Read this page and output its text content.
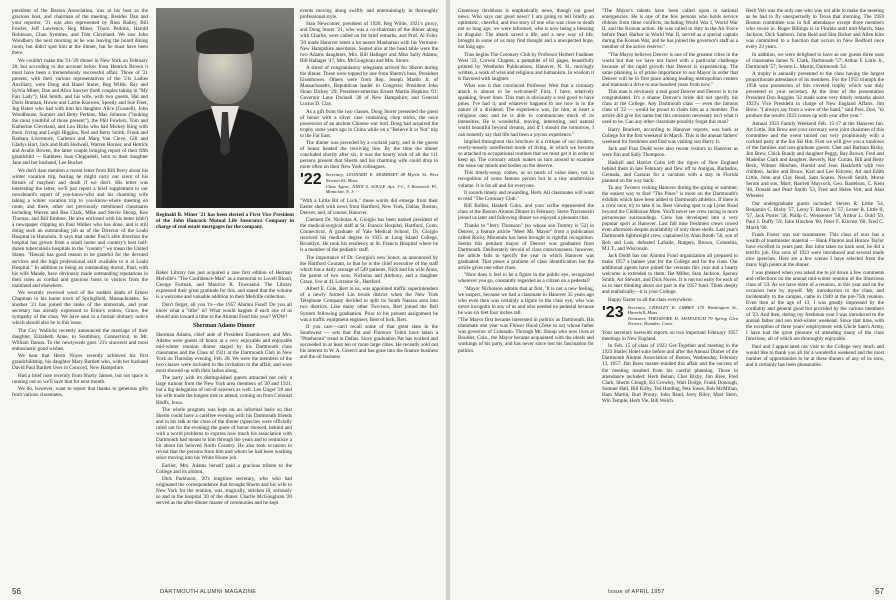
president of the Boston Association, was at his best as the gracious host, and chairman of the meeting. Besides Dan and your reporter, '21 was also represented by Russ Bailey, Bill Fowler, Jeff Lawrence, Reg Miner, Thorn Perkins, Harold Robinson, Chan Symmes, and Tom Cleveland. We saw John Woodbury the next morning as he was leaving the board dining room, but didn't spot him at the dinner, but he must have been there.

We couldn't make the '21-'20 dinner in New York on February 28, but according to the account below from Henrick Brown it must have been a tremendously successful affair. Those of '21 present, with their various representatives of the '21s Ladies Auxiliary, were Doug and Hazel Storer, Reg Wilde, Ray and Sylvia Miner, Dan and Alice Sawyer (both couples taking in "My Fair Lady"), Hal Smith, and his wife, with two guests, Hal and Doris Braman, Howie and Lartie Knowen, Speedy and Sue Fleet, Jug Baker who had with him his daughter Alice (Gosnell), John Woodhouse, Sumner and Betty Perkins, Mac Johnson ("looking the most youthful of those present"), the Phil Fowlers, Tom and Katherine Cleveland, and Lou Hicks who had Mickey King with them. Irving and Leigh Higgins, Ned and Betty Smith, Frank and Barbara Livermore, Carleton and Marg Van Cleve, Gill and Gladys Hart, Jack and Ruth Hudwell, Warren Horner, and Hetrick and Avalin Bowen, the latter couple bringing report of their fifth grandchild — Kathleen Joan Chippedell, born to their daughter Jane and her husband, Lee Bucher.

We don't dare mention a recent letter from Bill Perry about his winter vacation trip, fearing he might carry our scent of his threats of mayhem and death if we don't. His letter was interesting the letter, we'll just report a brief supplement to our newsboard's report of you-know-who and his charming wife taking a winter vacation trip to you-know-where meeting en route, and there, other not previously mentioned classmates including Warren and Bea Clark, Mike and Stevie Shoup, Ken Thomas, and Bill Embree. He also enclosed with his letter (shh!) a newspaper clipping on Paul Walker who has done, and is still doing such an outstanding job as of the Director of the Leahi Hospital in Honolulu. It says that under Paul's able direction the hospital has grown from a small home and country's best half-dozen tuberculosis hospitals in the "country" we mean the United States. "Hawaii has good reason to be grateful for the devoted services and the high professional skill available to it at Leahi Hospital." In addition to being an outstanding doctor, Paul, with his wife Maude, have obviously made outstanding reputations in their roles as cordial and gracious hosts to visitors from the mainland and elsewhere.

We recently received word of the sudden death of Ernest Chapman in his home town of Springfield, Massachusetts. So another '21 has joined the ranks of the immortals, and your secretary has already expressed to Ernie's widow, Grace, the sympathy of the class. We have sent in a formal obituary notice which should also be in this issue.

The Coy Wallicks recently announced the marriage of their daughter, Elizabeth Anne, in Southbury, Connecticut, to Mr. William Danon. To the newlyweds goes '21's sincerest and most enthusiastic good wishes.

We hear that Herm Noyes recently achieved his first grandchildship, his daughter Mary Bartlett who, with her husband David Paul Bartlett lives in Concord, New Hampshire.

Had a brief note recently from Shorty Jansen, but out space is running out so we'll save that for next month.

We do, however, want to report that thanks to generous gifts from various classmates,

Reginald B. Miner '21 has been elected a First Vice President of the John Hancock Mutual Life Insurance Company in charge of real estate mortgages for the company.

Baker Library has just acquired a rare first edition of Herman Melville's "The Confidence-Man" as a memorial to Lovell Blood, George Forman, and Maurice R. Townsend. The Library expressed their great gratitude for this, and stated that the volume is a welcome and valuable addition to their Melville collection.

Don't forget, all you 't's—the 1957 Alumni Fund! Do you all know what a "tithe" is? What would happen if each one of us should aim toward a tithe to the Alumni Fund this year? WOW!

Sherman Adams Dinner

Sherman Adams, chief aide of President Eisenhower, and Mrs. Adams were guests of honor at a very enjoyable and enjoyable mid-winter reunion dinner staged by his Dartmouth class classmates and the Class of 1921 at the Dartmouth Club in New York on Thursday evening, Feb. 28. We were the members of the two classes were included in the invitation to the affair, and soon most showed up with their ladies along.

The party with its distinguished guests attracted not only a large turnout from the New York area members of '20 and 1921, but a big delegation of out-of-towners as well. Leo Unger '20 and his wife made the longest trek to attend, coming on from Colonial Bluffs, Iowa.

The whole program was kept on an informal basis so that Sherm could have a carefree evening with his Dartmouth friends and in his talk at the close of the dinner (speeches were officially ruled out for the evening) the guest of honor showed, behind and with a world problems to express how much his association with Dartmouth had meant to him through the years and to reminisce a bit about his beloved North Country. He also took occasion to reveal that the persons from him and whom he had been working since moving into his White House job.

Earlier, Mrs. Adams herself paid a gracious tribute to the College and its alumni.

Dick Parkhurst, '20's longtime secretary, who who had originated the correspondence that brought Sherm and his wife to New York for the reunion, was, tragically, stricken ill, seriously so and in the hospital '20 of the dinner. Charlie McGoughran '20 served as the after-dinner master of ceremonies and he kept

events moving along swiftly and entertainingly in thoroughly professional style.

Stan Newcomer, president of 1920, Reg Wilde, 1921's proxy, and Doug Storer '21, who was a co-chairman of the dinner along with Charlie, were called on for brief remarks, and Prof. Al Foley '20 made Hanover seem a lot nearer Manhattan with his Vermont-New Hampshire anecdotes. Seated also at the head table were the two Adams daughters, Mrs. Bill Hallager and Miss Sally Adams, Bill Hallager '47, Mrs. McGoughran and Mrs. Storer.

A shred of congratulatory telegrams arrived for Sherm during the dinner. These were topped by one from Sherm's boss, President Eisenhower. Others were from Rep. Joseph Martin Jr. of Massachusetts, Republican leader in Congress; President John Sloan Dickey '29; President-emeritus Ernest Martin Hopkins '01; Governor Lane Dwinell '28 of New Hampshire; and General Lucius D. Clay.

As a gift from the two classes, Doug Storer presented the guest of honor with a silver case containing chop sticks, the once possession of an ancient Chinese war lord. Doug had acquired the trophy some years ago in China while on a "Believe It or Not" trip to the Far East.

The dinner was preceded by a cocktail party, and in the guests of honor headed the receiving line. By the time the dinner concluded shortly after six, it was the hearty wish of all the 111 persons present that Sherm and his charming wife could drop in more often on their New York colleagues.

'22 Secretary, LEONARD E. MORRISEY 48 Myrtle St. West Newton 65, Mass.
Class Agent, JOHN S. SOULE Apt. 3-C, 5 Roosevelt Pl., Montclair, N. J.

"With a Little Bit of Luck," those words did emerge from their Easter shell with news from Hartford, New York, Dallas, Boston, Denver, and, of course, Hanover.

Clement Dr. Nicholas A. Giorgio has been named president of the medical-surgical staff at St. Francis Hospital, Hartford, Conn. Connecticut. A graduate of Yale Medical School, Dr. Giorgio received his medical degree in 1925 at Long Island College, Brooklyn. He took his residency at St. Francis Hospital where he is a member of the pediatric staff.

The importance of Dr. Georgio's new honor, as announced by the Hartford Courant, in that he is the chief executive of the staff which has a daily average of 549 patients. Nick and his wife Anna, the parent of two sons, Nicholas and Anthony, and a daughter Grace, live at 41 Lorraine St., Hartford.

Albert E. Cole, Bert to us, was appointed traffic superintendent of a newly formed Lin brook district when the New York Telephone Company decided to split its South Nassau area into two districts. Like many other Two-tors, Bert joined the Bell System following graduation. Prior to his present assignment he was a traffic equipment engineer, Best of luck, Bert.

If you care—can't recall some of that great state in the Southwest — sets that Pat and Florence Tobin have taken a "Pinehursta" trend in Dallas. Since graduation Pat has worked and succeeded in at least ten or more large cities. He recently sold out his interest in W. A. Green's and has gone into the finance business and the oil business

56	DARTMOUTH ALUMNI MAGAZINE

Greenway throbhoss is emphatically news, though not good news. Who says our good news? I am going to tell briefly an optimistic, cheerful, and true story of one who was close to death not so long ago, we were informed, who is now being a blessing in disguise. The attack saved a life, and a new way of life, brought in some of us may find thought and a unexpected hope, not long ago.

Thus begins The Coronary Club by Professor Herbert Faulkner West '22, Corwin Chapter, a pamphlet of 63 pages, beautifully printed by Westholm Publications, Hanover, N. H., movingly written, a work of wise and religious and humanism. In wisdom it is flavored with laughter.

What was it that convinced Professor West that a coronary attack is almost to be welcomed? First, I have, relatively speaking, fewer lines. This man is obviously a real good to have pines. I've had it, and whatever happens to me now is in the nature of a dividend. The experience was, for him, at heart a religious one; and he is able to communicate much of its intensities. He is wonderful, moving, interesting, and natural world beautiful beyond dreams, and if I should the tomorrow, I can honestly say that life had been a joyous experience."

Implied throughout this brochure is a critique of our modern, overly-tensely unreflected mode of living, in which we become so attached to occupational routines that we must get it in order to keep up. The coronary attack makes us turn around to examine the issue our minds and bodies on the deserve.

This timely-essay comes, as so much of value does, not in recognition of some famous person but in a tiny unobtrusive volume. It is for all and for everyone.

It sounds timely and rewarding, Herb. All classmates will want to read "The Coronary Club."

Bill Bullen, Haskell Cohn, and your scribe represented the class at the Boston Alumni Dinner in February. Steve Trzcienecki joined us later and following dinner we enjoyed a pleasant chat.

Thanks to "Jerry Thomson" (so whose son Tommy is '52) in Denver, a feature article "Meet Mr. Mayor" from a publication called Rocky Mountain has been brought to rightful recognition. Seems this petulant mayor of Denver was graduated from Dartmouth. Deliberately devoid of class consciousness, however, the article fails to specify the year in which Hanover was graduated. That poses a problem of class identification but the article gives one other clues.

"How does it feel to be a figure in the public eye, recognized wherever you go, constantly regarded as a citizen on a pedestal?

"Mayor Nicholson admits that at first, 'It is not a new feeling, we suspect, because we had a classmate in Hanover 35 years ago who even then was certainly a figure in the class eye, who was never incognito to any of us and who needed no pedestal because he was six feet four inches tall.

"The Mayor first became interested in politics as Dartmouth. His classmate one year was Flower Hood (Zeke to us) whose father was governor of Colorado. Through Mr. Shoup who now lives at Boulder, Colo., the Mayor became acquainted with the ideals and workings of his party, and has never since lost his fascination for politics.

"The Mayor's talents have been called upon in national emergencies. He is one of the few persons who holds service ribbons from three conflicts, including World War I, World War II, and the Korean action. He was called to duty in the Air Force before Pearl Harbor in World War II, served as a special captain during the Korean War, and he has joined the governor's staff as a member of the active reserve."

"The Mayor believes Denver is one of the greatest cities in the world but that we have not faced with a particular challenge because of the rapid growth that Denver is experiencing. The same planning is of prime importance to our Mayor in order that Denver will be in first place among leading metropolitan centers and maintain a drive to one hundred years from now."

This man is obviously a real good Denver and Denver is to be congratulated. It's a shame Denver's bride did not specify his class at the College. Any Dartmouth class — even the famous class of '22 — would be proud to claim him as a member. The article did give his name but this omission necessary isn't what it used to be. Can any other classmate possibly forget this man?

Harry Brackett, according to Hanover reports, was back at College for the first weekend in March. This is the annual fathers' weekend for freshmen and Dad was visiting son Harry Jr.

Jack and Fran Dodd were also recent visitors in Hanover as were Jim and Sally Thompson.

Haskell and Harriet Cohn left the rigors of New England behind them in late February and flew off to Antigua, Barbados, Grenada, and Caracas for a vacation with a stay in Florida planned on the way back.

To any Twoters visiting Hanover during the spring or summer, the easiest way to find "The Pines" is more on the Dartmouth's exhibits which have been added to Dartmouth athletics. If there is a crew race, try to take it in. Best viewing spot is up Lyme Road beyond the Clubhouse Mote. You'll never see crew racing in more picturesque surroundings. Crew has developed into a very popular sport at Hanover. Last fall nine freshmen crews rowed even afternoon despite availability of only three shells. Last year's Dartmouth lightweight crew, captained by Alan Booth '56, son of Bob and Lois, defeated LaSalle, Rutgers, Brown, Columbia, M.I.T., and Wisconsin.

Jack Dodd has our Alumni Fund organization all prepared to make 1957 a banner year for the College and for the class. Our additional agents have joined the veterans this year and a hearty welcome is extended to them: Ike Miller, Stan Jackson, Spenny Smith, Art Stewart, and Dick Noves. It is not too early for each of us to start thinking about our part in the 1957 fund. Think deeply and realistically—it is your College.

Happy Easter to all the class everywhere.

'23 Secretary, CHESLEY K. LIBBEY 170 Washington St., Haverhill, Mass.
Treasurer, THEODORE H. SHAPLEIGH 79 Spring Glen Terrace, Hamden, Conn.

Your secretary herewith reports on two important February 1957 meetings in New England.

In Feb. 15 of class of 1923 Get-Together and meeting in the 1923 Statler Hotel suite before and after the Annual Dinner of the Dartmouth Alumni Association of Boston, Wednesday, February 13, 1957. Jim Brew master-minded this affair and the success of the meeting resulted from his careful planning. Those in attendance included: Herb Behan, Chet Bixby, Jim Bree, Fred Clark, Sherm Clough, Ed Crowley, Walt Dodge, Frank Donough, Sumner Hall, Bill Kirby, Ted Harding, Pete Jones, Bob McMillan, Ham Martin, Burt Prouty, John Read, Jerry Riley, Mort Stern, Win Temple, Herb Vie, Bill Welch.

Herb Veit was the only one who was not able to make the meeting as he had to fly unexpectedly to Texas that morning. The 1959 Boston committee was in full attendance except three members who swore in. Roger Billings is in Florida until mid-March, Stan Jackson, Dick Sanborn. John Reid and Sim Ricker and Allen Kim was committed to a function that occurs in New Bedford once every 23 years.

In addition, we were delighted to have as our guests three sons of classmates James N. Clark, Dartmouth '57; Arthur F. Little Jr., Dartmouth '57; Severn L. Martin, Dartmouth '54.

A trophy is annually presented to the class having the largest proportionate attendance of its members. For the 1955 triumph the 1958 won possession of this coveted trophy which was duly presented to your secretary. At the time of the presentation President Don Ruggles '32 made some very timely remarks about 1923's Vice President in charge of New England Affairs, Jim Brew. "I always say from a wave of the hand," said Pres. Don, "to produce the results 1923 comes up with year after year."

Annual 1923 Family Weekend Feb. 15-17 at the Hanover Inn. Art Little, Jim Brew and your secretary were joint chairmen of this committee and the event turned out very propitiously with a cocktail party at the Inn Ski Hut. First we will give you a rundown of the families and non-graduate guests: Chet and Barbara Bixby, Jim Brew, Chick Bundy and daughter Peggy, Ray Brown, Fred and Madeline Clark and daughter, Beverly, Ray Curran, Bill and Betty Beck, Wilmer Hinchen, Harold and Jean Haskforth with two children, Jackie and Bruce, Karl and Lee Kilcrest, Art and Edith Little, John and Clay Read, Sam Soares, Newell Smith, Morse Serum and son, Mort, Harriett Maycock, Geo. Bartelson, C. Kent '46, Donald and Pearl Smith '53, Fred and Helen Veit, and Alan Wheeler.

Our undergraduate guests included: Steven R. Little '54, Benjamin C. Bixby '57, Leroy T. Brown Jr. '57, Lester R. Little II, '57, Jack Porter '58, Philip C. Weissemer '58, Arthur L. Ould '59, Paul J. Duffy '59, John Hinchen '60, Peter F. Kilcrest '60, Fred C. Marsh '60.

Frank Foster was our toastmaster. This class of ours has a wealth of toastmaster material — Hank Plauton and Horace Taylor have excelled in years past. But John takes no back seat, he did a terrific job. Our sons of 1923 were introduced and several made nice speeches. Here are a few scenes I have selected from the many high points at the dinner.

I was pleased when you asked me to jot down a few comments and reflections on the annual mid-winter reunion of the illustrious class of '23. As we have more of a reunion, in this year and on the occasion here by myself. My introduction to the class, and incidentally to the campus, came in 1949 at the pre-75th reunion. Even then at the age of 13, I was greatly impressed by the cordiality and general good fun provided by the various members of '23. And then, during my freshman year I was introduced to the annual father and son mid-winter weekend. Since that time, with the exception of three years' employment with Uncle Sam's Army, I have had the great pleasure of attending many of the class functions, all of which are thoroughly enjoyable.

Paul and I appreciated our visit to the College very much and would like to thank you all for a wonderful weekend and the most number of opportunities to be at these dinners of any of its sons, and it certainly has been pleasurable.

Issue of APRIL 1957	57
